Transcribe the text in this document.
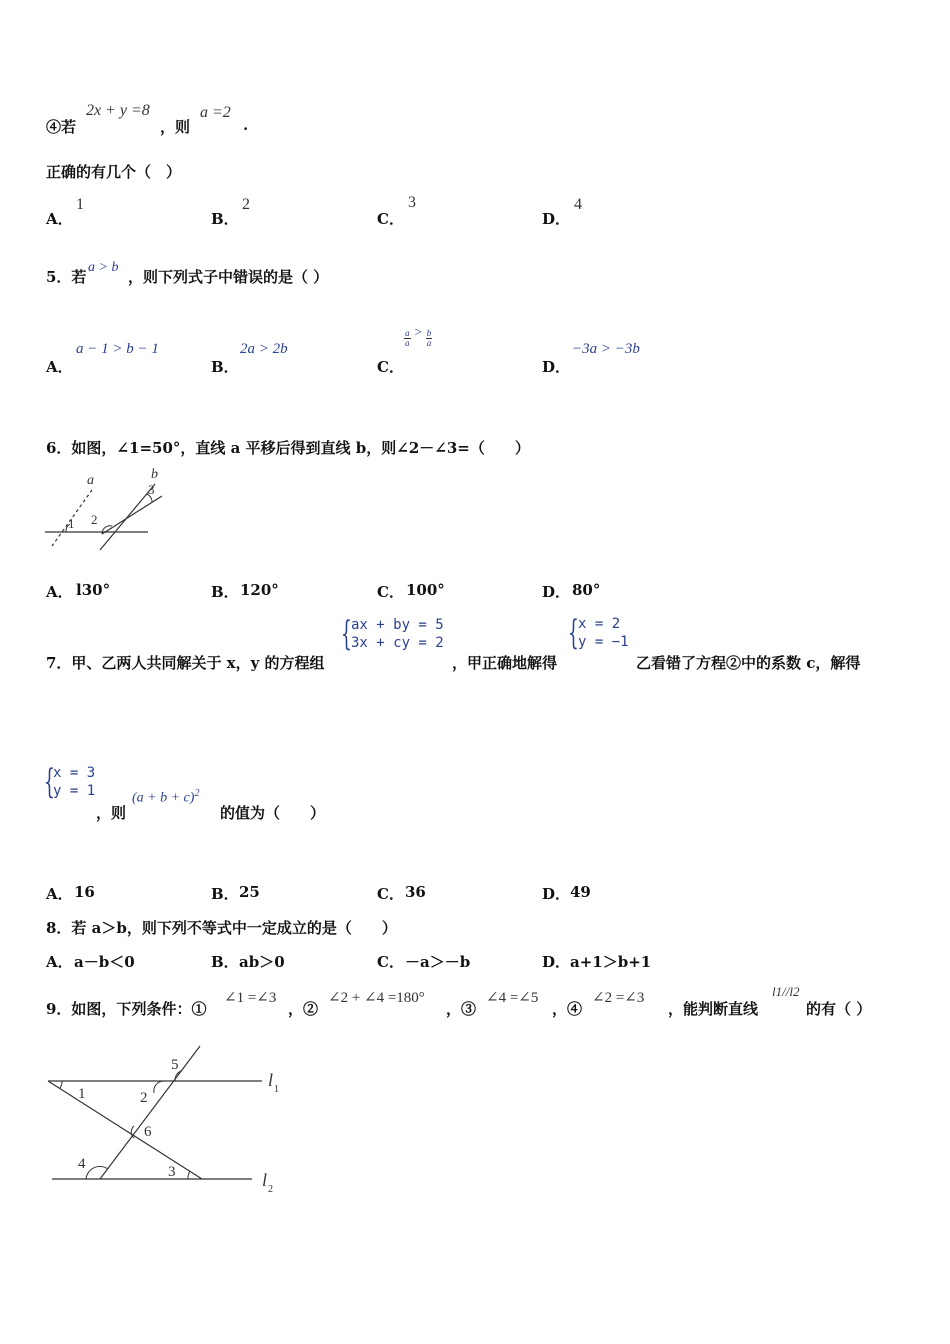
④若
2x + y =8
，则
a =2
.
正确的有几个（　）
A．
1
B．
2
C．
3
D．
4
5．若
a > b
，则下列式子中错误的是（ ）
A．
a − 1 > b − 1
B．
2a > 2b
C．
$\frac{a}{a} > \frac{b}{a}$
D．
−3a > −3b
6．如图，∠1=50°，直线 a 平移后得到直线 b，则∠2－∠3=（　　）
a	b
1 2
3
A． l30°	B． 120°	C． 100°	D． 80°
7．甲、乙两人共同解关于 x，y 的方程组
{ ax + by = 5
3x + cy = 2
，甲正确地解得
{ x = 2
y = −1
乙看错了方程②中的系数 c，解得
{
x = 3
y = 1
，则
$(a + b + c)^2$
的值为（　　）
A． 16	B． 25	C． 36	D． 49
8．若 a＞b，则下列不等式中一定成立的是（　　）
A． a－b＜0	B． ab＞0	C． －a＞－b	D． a+1＞b+1
9．如图，下列条件：①
∠1 =∠3
，②
∠2 + ∠4 =180°
，③
∠4 =∠5
，④
∠2 =∠3
，能判断直线
l1//l2
的有（ ）
1	2
5
6
4	3
l 1
l 2
